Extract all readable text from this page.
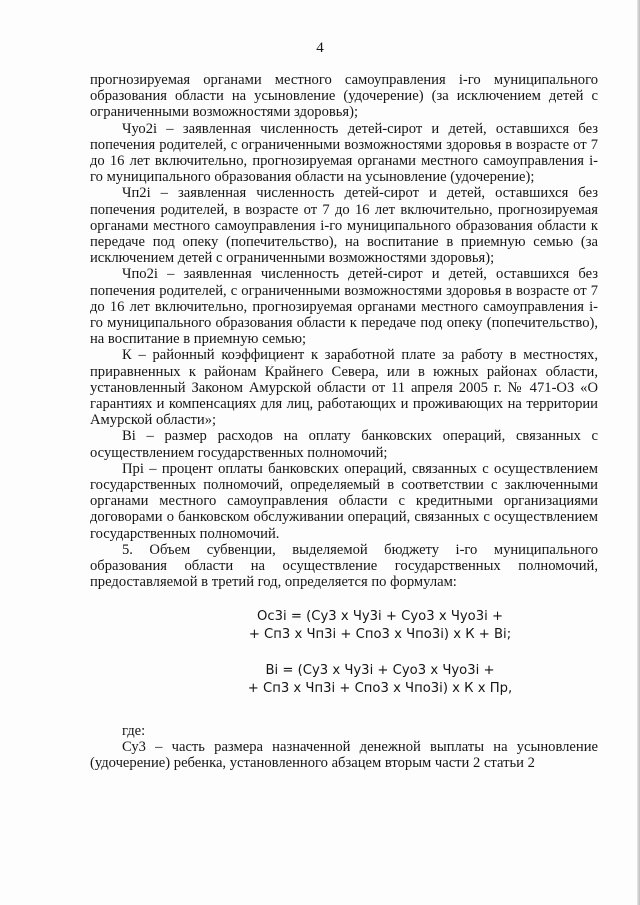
4

прогнозируемая органами местного самоуправления i-го муниципального образования области на усыновление (удочерение) (за исключением детей с ограниченными возможностями здоровья);

Чуо2i – заявленная численность детей-сирот и детей, оставшихся без попечения родителей, с ограниченными возможностями здоровья в возрасте от 7 до 16 лет включительно, прогнозируемая органами местного самоуправления i-го муниципального образования области на усыновление (удочерение);

Чп2i – заявленная численность детей-сирот и детей, оставшихся без попечения родителей, в возрасте от 7 до 16 лет включительно, прогнозируемая органами местного самоуправления i-го муниципального образования области к передаче под опеку (попечительство), на воспитание в приемную семью (за исключением детей с ограниченными возможностями здоровья);

Чпо2i – заявленная численность детей-сирот и детей, оставшихся без попечения родителей, с ограниченными возможностями здоровья в возрасте от 7 до 16 лет включительно, прогнозируемая органами местного самоуправления i-го муниципального образования области к передаче под опеку (попечительство), на воспитание в приемную семью;

К – районный коэффициент к заработной плате за работу в местностях, приравненных к районам Крайнего Севера, или в южных районах области, установленный Законом Амурской области от 11 апреля 2005 г. № 471-ОЗ «О гарантиях и компенсациях для лиц, работающих и проживающих на территории Амурской области»;

Вi – размер расходов на оплату банковских операций, связанных с осуществлением государственных полномочий;

Прi – процент оплаты банковских операций, связанных с осуществлением государственных полномочий, определяемый в соответствии с заключенными органами местного самоуправления области с кредитными организациями договорами о банковском обслуживании операций, связанных с осуществлением государственных полномочий.

5. Объем субвенции, выделяемой бюджету i-го муниципального образования области на осуществление государственных полномочий, предоставляемой в третий год, определяется по формулам:

Ос3i = (Су3 х Чу3i + Суо3 х Чуо3i +
+ Сп3 х Чп3i + Спо3 х Чпо3i) х К + Вi;
Вi = (Су3 х Чу3i + Суо3 х Чуо3i +
+ Сп3 х Чп3i + Спо3 х Чпо3i) х К х Пр,

где:

Су3 – часть размера назначенной денежной выплаты на усыновление (удочерение) ребенка, установленного абзацем вторым части 2 статьи 2
